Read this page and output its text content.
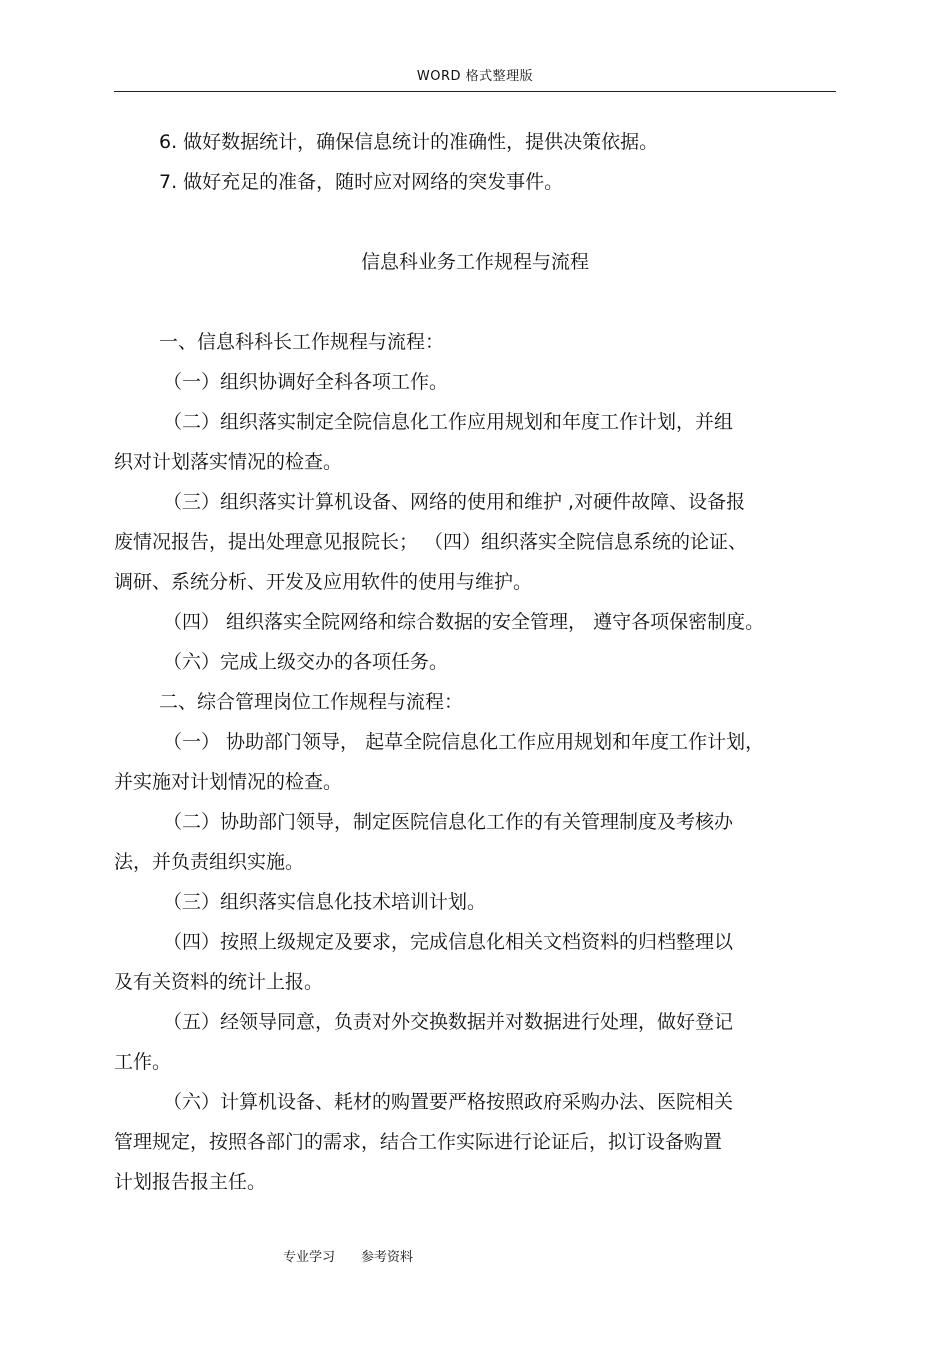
WORD 格式整理版
6. 做好数据统计，确保信息统计的准确性，提供决策依据。
7. 做好充足的准备，随时应对网络的突发事件。
信息科业务工作规程与流程
一、信息科科长工作规程与流程：
（一）组织协调好全科各项工作。
（二）组织落实制定全院信息化工作应用规划和年度工作计划，并组
织对计划落实情况的检查。
（三）组织落实计算机设备、网络的使用和维护 ,对硬件故障、设备报
废情况报告，提出处理意见报院长； （四）组织落实全院信息系统的论证、
调研、系统分析、开发及应用软件的使用与维护。
（四） 组织落实全院网络和综合数据的安全管理， 遵守各项保密制度。
（六）完成上级交办的各项任务。
二、综合管理岗位工作规程与流程：
（一） 协助部门领导， 起草全院信息化工作应用规划和年度工作计划，
并实施对计划情况的检查。
（二）协助部门领导，制定医院信息化工作的有关管理制度及考核办
法，并负责组织实施。
（三）组织落实信息化技术培训计划。
（四）按照上级规定及要求，完成信息化相关文档资料的归档整理以
及有关资料的统计上报。
（五）经领导同意，负责对外交换数据并对数据进行处理，做好登记
工作。
（六）计算机设备、耗材的购置要严格按照政府采购办法、医院相关
管理规定，按照各部门的需求，结合工作实际进行论证后，拟订设备购置
计划报告报主任。
专业学习 参考资料
